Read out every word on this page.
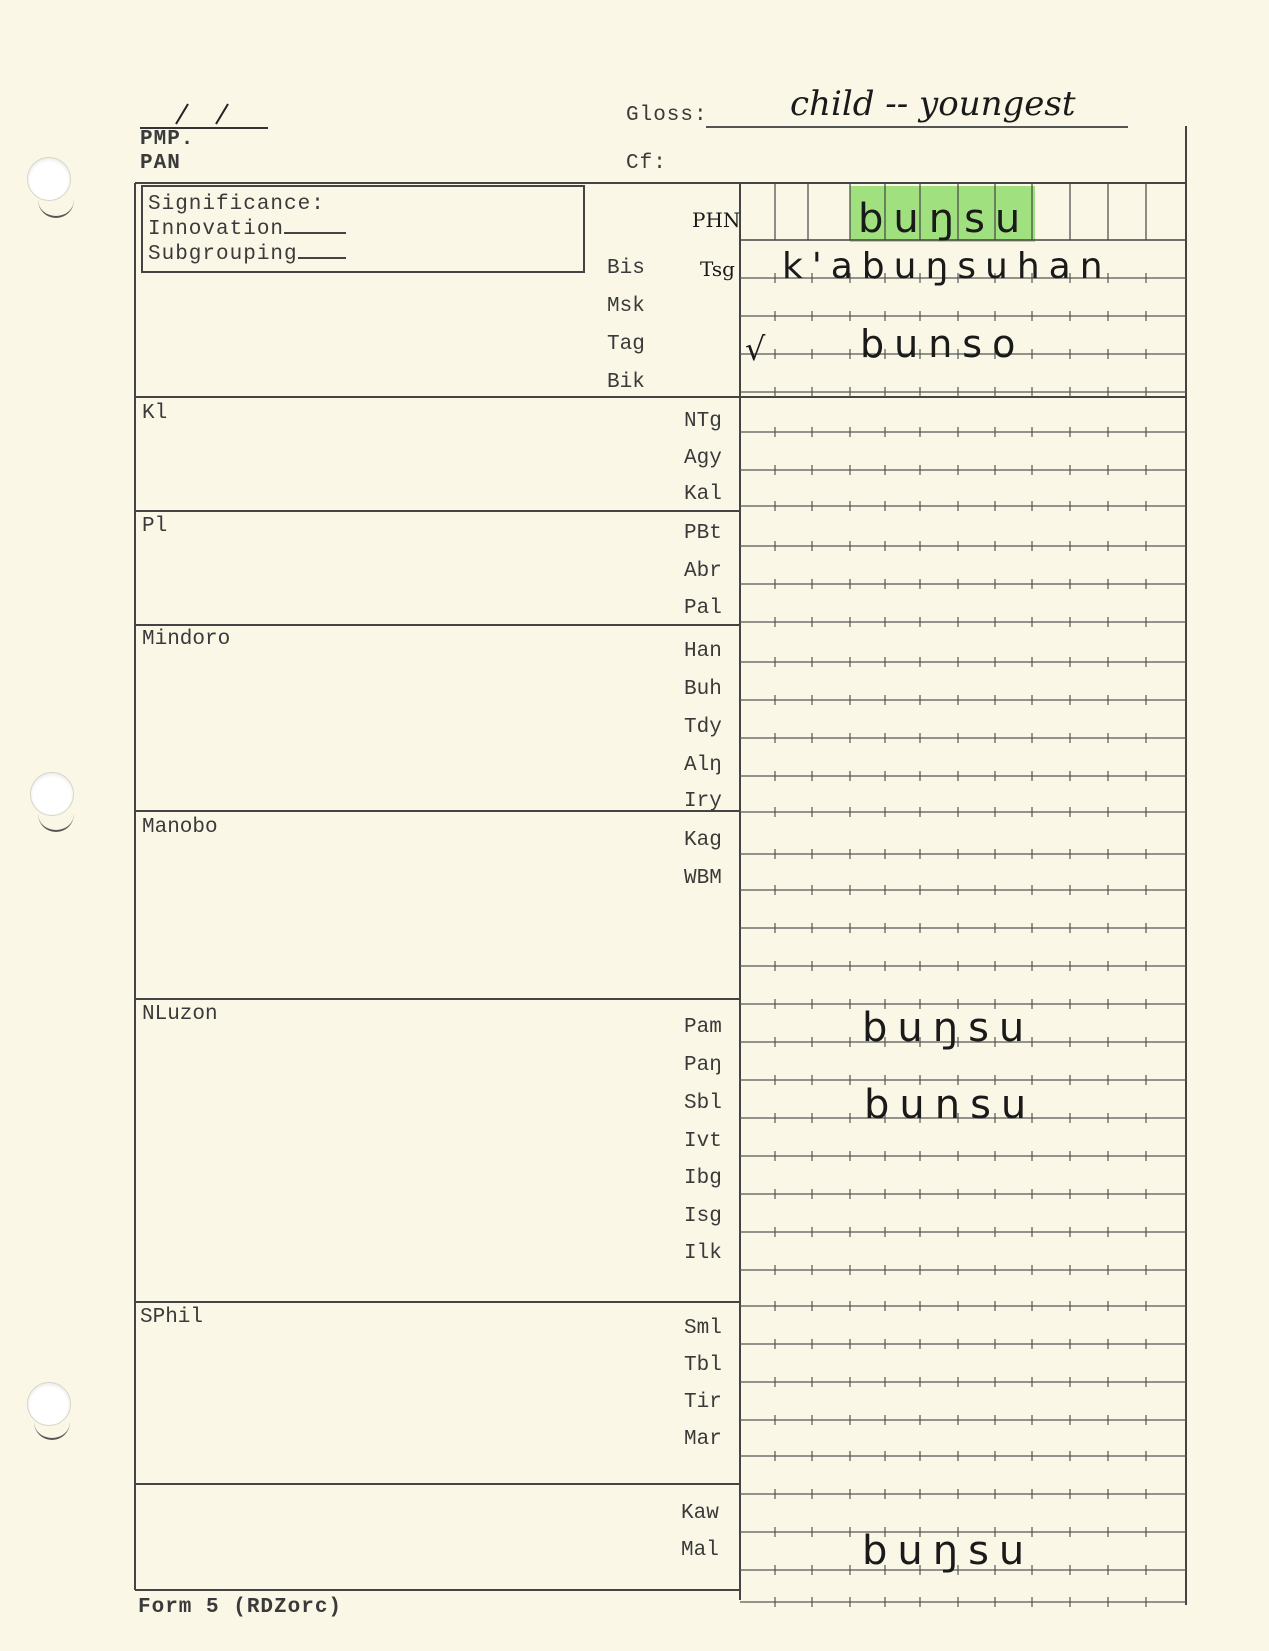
PMP.
PAN
Gloss: child -- youngest
Cf:
Significance:
Innovation
Subgrouping
PHN
Bis	Tsg
Msk
Tag
Bik
buŋsu
k'abuŋsuhan
√ bunso
Kl
Pl
Mindoro
Manobo
NLuzon
SPhil
NTg
Agy
Kal
PBt
Abr
Pal
Han
Buh
Tdy
Alŋ
Iry
Kag
WBM
Pam
Paŋ
Sbl
Ivt
Ibg
Isg
Ilk
Sml
Tbl
Tir
Mar
Kaw
Mal
buŋsu
bunsu
buŋsu
Form 5 (RDZorc)
